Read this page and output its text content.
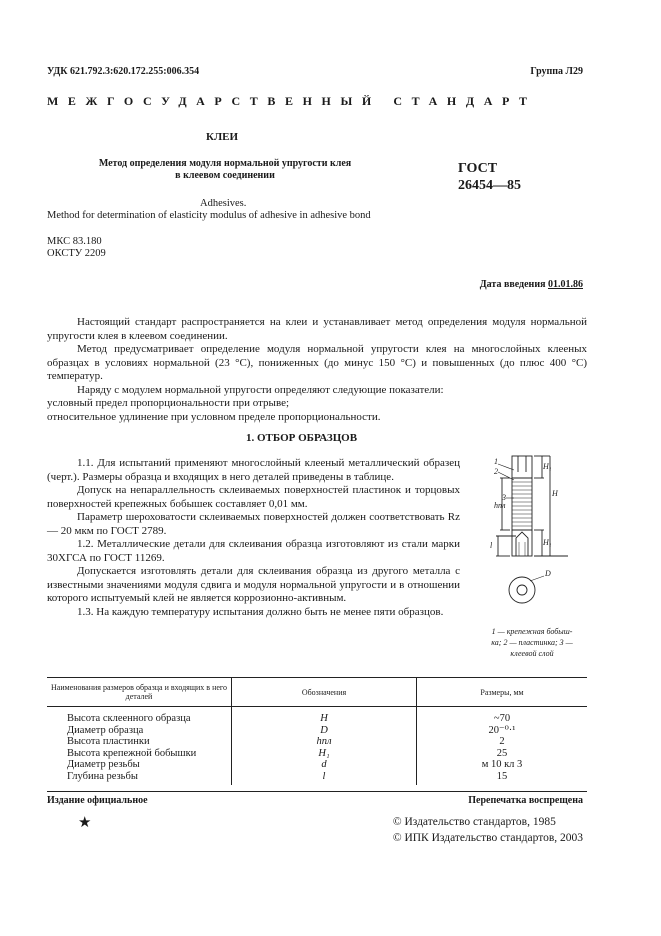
УДК 621.792.3:620.172.255:006.354	Группа Л29
МЕЖГОСУДАРСТВЕННЫЙ СТАНДАРТ
КЛЕИ
Метод определения модуля нормальной упругости клея
в клеевом соединении	ГОСТ
26454—85
Adhesives.
Method for determination of elasticity modulus of adhesive in adhesive bond
МКС 83.180
ОКСТУ 2209
Дата введения 01.01.86

Настоящий стандарт распространяется на клеи и устанавливает метод определения модуля нормальной упругости клея в клеевом соединении.

Метод предусматривает определение модуля нормальной упругости клея на многослойных клееных образцах в условиях нормальной (23 °С), пониженных (до минус 150 °С) и повышенных (до плюс 400 °С) температур.

Наряду с модулем нормальной упругости определяют следующие показатели:

условный предел пропорциональности при отрыве;

относительное удлинение при условном пределе пропорциональности.

1. ОТБОР ОБРАЗЦОВ

1.1. Для испытаний применяют многослойный клееный металлический образец (черт.). Размеры образца и входящих в него деталей приведены в таблице.

Допуск на непараллельность склеиваемых поверхностей пластинок и торцовых поверхностей крепежных бобышек составляет 0,01 мм.

Параметр шероховатости склеиваемых поверхностей должен соответствовать Rz — 20 мкм по ГОСТ 2789.

1.2. Металлические детали для склеивания образца изготовляют из стали марки 30ХГСА по ГОСТ 11269.

Допускается изготовлять детали для склеивания образца из другого металла с известными значениями модуля сдвига и модуля нормальной упругости и в отношении которого испытуемый клей не является коррозионно-активным.

1.3. На каждую температуру испытания должно быть не менее пяти образцов.

1
2
3
H₁
hпл
H
H₁
l
D
1 — крепежная бобыш-
ка; 2 — пластинка; 3 —
клеевой слой
Наименования размеров образца и входящих в него деталей	Обозначения	Размеры, мм
Высота склеенного образца	H	~70
Диаметр образца	D	20⁻⁰·¹
Высота пластинки	hпл	2
Высота крепежной бобышки	H₁	25
Диаметр резьбы	d	м 10 кл 3
Глубина резьбы	l	15
Издание официальное	Перепечатка воспрещена
★	© Издательство стандартов, 1985
© ИПК Издательство стандартов, 2003
